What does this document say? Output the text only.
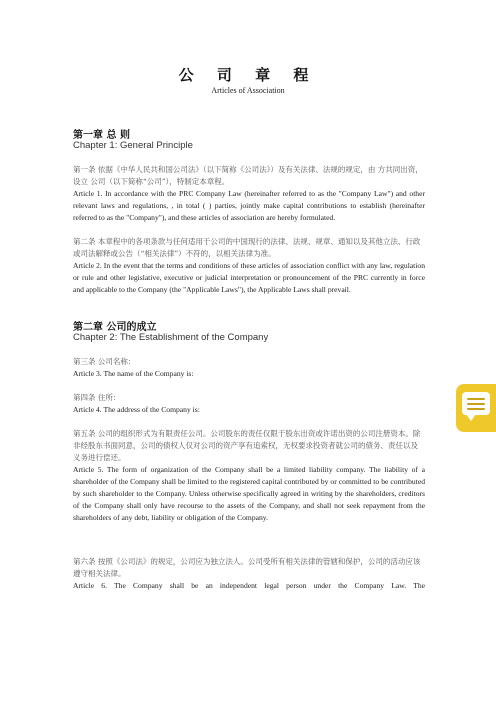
公 司 章 程
Articles of Association
第一章 总 则
Chapter 1: General Principle
第一条 依据《中华人民共和国公司法》（以下简称《公司法》）及有关法律、法规的规定，由 方共同出资，设立 公司（以下简称“公司”），特制定本章程。
Article 1. In accordance with the PRC Company Law (hereinafter referred to as the "Company Law") and other relevant laws and regulations, , in total ( ) parties, jointly make capital contributions to establish (hereinafter referred to as the "Company"), and these articles of association are hereby formulated.
第二条 本章程中的各项条款与任何适用于公司的中国现行的法律、法规、规章、通知以及其他立法、行政或司法解释或公告（“相关法律”）不符的，以相关法律为准。
Article 2. In the event that the terms and conditions of these articles of association conflict with any law, regulation or rule and other legislative, executive or judicial interpretation or pronouncement of the PRC currently in force and applicable to the Company (the "Applicable Laws"), the Applicable Laws shall prevail.
第二章 公司的成立
Chapter 2: The Establishment of the Company
第三条 公司名称：
Article 3. The name of the Company is:
第四条 住所：
Article 4. The address of the Company is:
第五条 公司的组织形式为有限责任公司。公司股东的责任仅限于股东出资或许诺出资的公司注册资本。除非经股东书面同意，公司的债权人仅对公司的资产享有追索权，无权要求投资者就公司的债务、责任以及义务进行偿还。
Article 5. The form of organization of the Company shall be a limited liability company. The liability of a shareholder of the Company shall be limited to the registered capital contributed by or committed to be contributed by such shareholder to the Company. Unless otherwise specifically agreed in writing by the shareholders, creditors of the Company shall only have recourse to the assets of the Company, and shall not seek repayment from the shareholders of any debt, liability or obligation of the Company.
第六条 按照《公司法》的规定，公司应为独立法人。公司受所有相关法律的管辖和保护，公司的活动应该遵守相关法律。
Article 6. The Company shall be an independent legal person under the Company Law. The
